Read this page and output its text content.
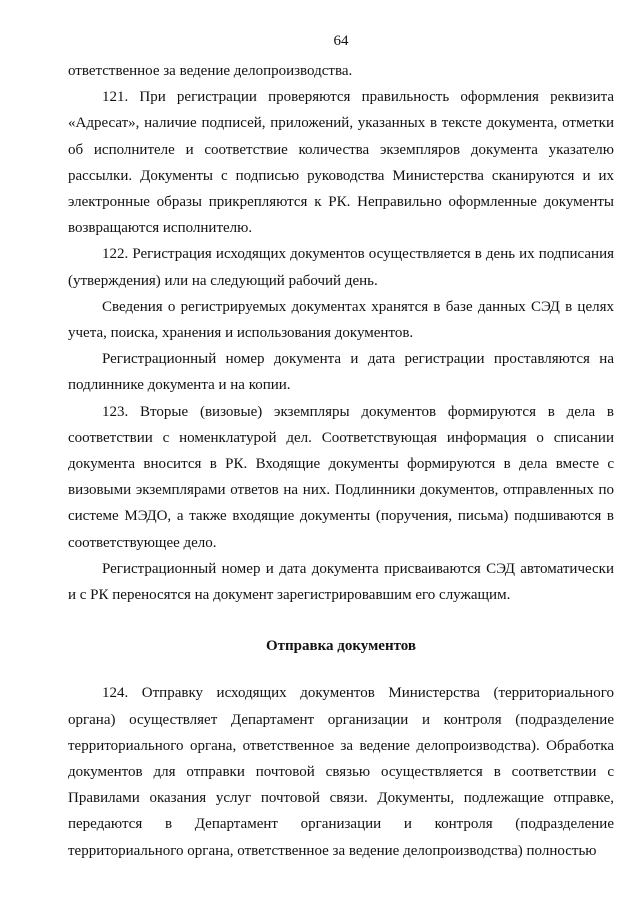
64

ответственное за ведение делопроизводства.

121. При регистрации проверяются правильность оформления реквизита «Адресат», наличие подписей, приложений, указанных в тексте документа, отметки об исполнителе и соответствие количества экземпляров документа указателю рассылки. Документы с подписью руководства Министерства сканируются и их электронные образы прикрепляются к РК. Неправильно оформленные документы возвращаются исполнителю.

122. Регистрация исходящих документов осуществляется в день их подписания (утверждения) или на следующий рабочий день.

Сведения о регистрируемых документах хранятся в базе данных СЭД в целях учета, поиска, хранения и использования документов.

Регистрационный номер документа и дата регистрации проставляются на подлиннике документа и на копии.

123. Вторые (визовые) экземпляры документов формируются в дела в соответствии с номенклатурой дел. Соответствующая информация о списании документа вносится в РК. Входящие документы формируются в дела вместе с визовыми экземплярами ответов на них. Подлинники документов, отправленных по системе МЭДО, а также входящие документы (поручения, письма) подшиваются в соответствующее дело.

Регистрационный номер и дата документа присваиваются СЭД автоматически и с РК переносятся на документ зарегистрировавшим его служащим.

Отправка документов

124. Отправку исходящих документов Министерства (территориального органа) осуществляет Департамент организации и контроля (подразделение территориального органа, ответственное за ведение делопроизводства). Обработка документов для отправки почтовой связью осуществляется в соответствии с Правилами оказания услуг почтовой связи. Документы, подлежащие отправке, передаются в Департамент организации и контроля (подразделение территориального органа, ответственное за ведение делопроизводства) полностью
